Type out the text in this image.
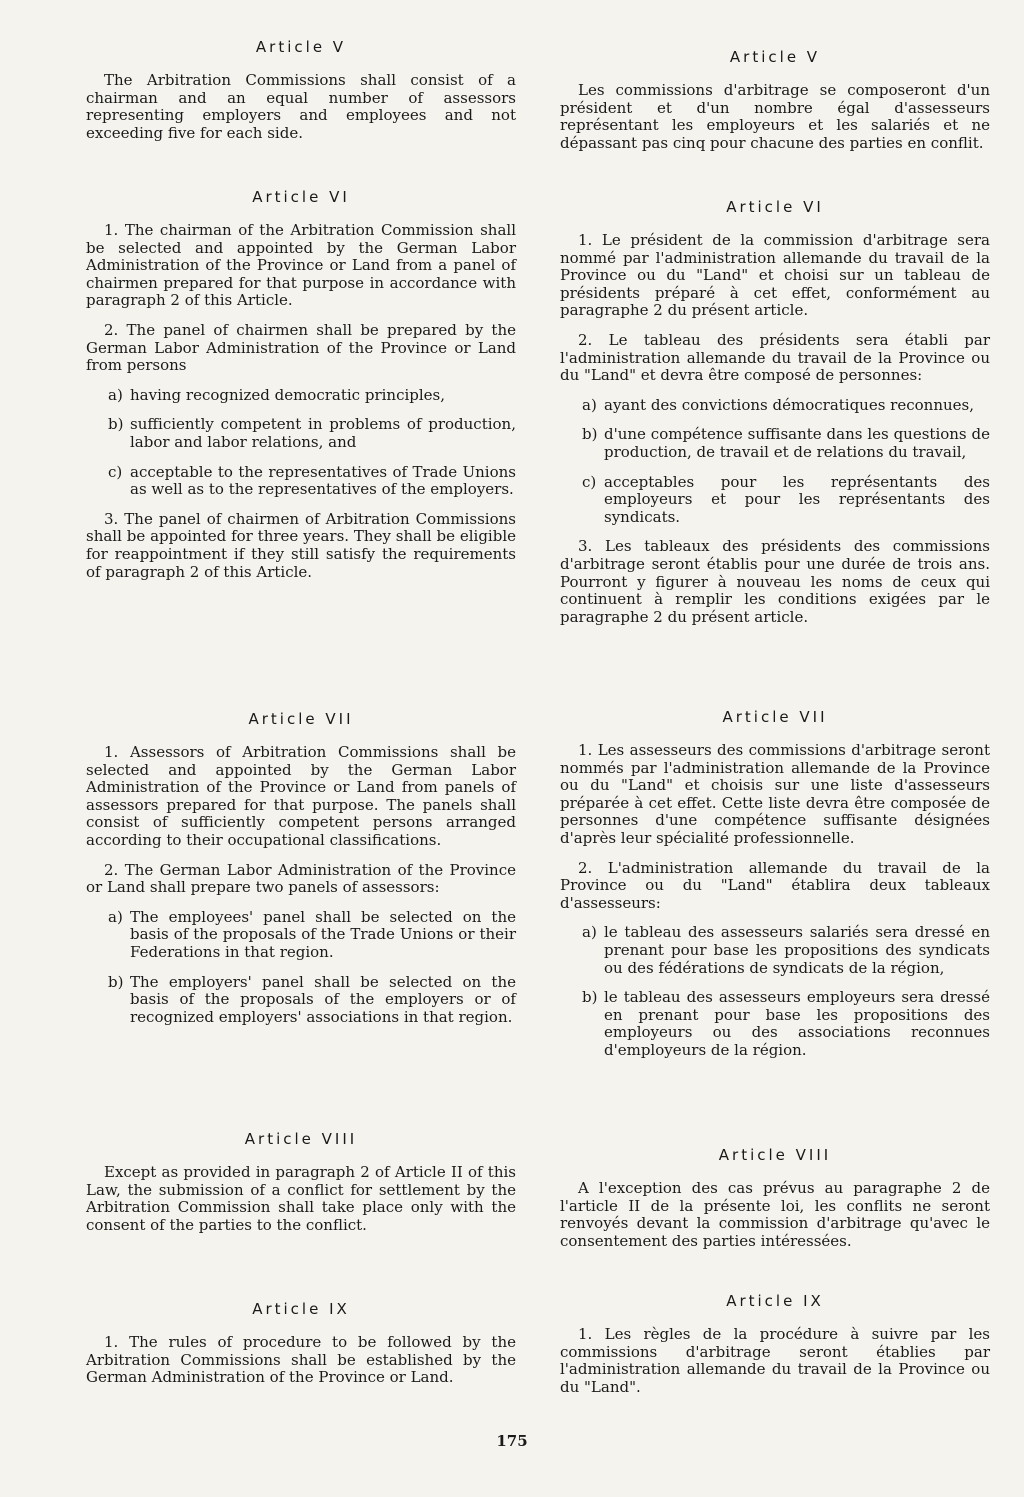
Article V

The Arbitration Commissions shall consist of a chairman and an equal number of assessors representing employers and employees and not exceeding five for each side.

Article VI

1. The chairman of the Arbitration Commission shall be selected and appointed by the German Labor Administration of the Province or Land from a panel of chairmen prepared for that purpose in accordance with paragraph 2 of this Article.

2. The panel of chairmen shall be prepared by the German Labor Administration of the Province or Land from persons

a) having recognized democratic principles,
b) sufficiently competent in problems of production, labor and labor relations, and
c) acceptable to the representatives of Trade Unions as well as to the representatives of the employers.

3. The panel of chairmen of Arbitration Commissions shall be appointed for three years. They shall be eligible for reappointment if they still satisfy the requirements of paragraph 2 of this Article.

Article VII

1. Assessors of Arbitration Commissions shall be selected and appointed by the German Labor Administration of the Province or Land from panels of assessors prepared for that purpose. The panels shall consist of sufficiently competent persons arranged according to their occupational classifications.

2. The German Labor Administration of the Province or Land shall prepare two panels of assessors:

a) The employees' panel shall be selected on the basis of the proposals of the Trade Unions or their Federations in that region.
b) The employers' panel shall be selected on the basis of the proposals of the employers or of recognized employers' associations in that region.
Article VIII

Except as provided in paragraph 2 of Article II of this Law, the submission of a conflict for settlement by the Arbitration Commission shall take place only with the consent of the parties to the conflict.

Article IX

1. The rules of procedure to be followed by the Arbitration Commissions shall be established by the German Administration of the Province or Land.

Article V

Les commissions d'arbitrage se composeront d'un président et d'un nombre égal d'assesseurs représentant les employeurs et les salariés et ne dépassant pas cinq pour chacune des parties en conflit.

Article VI

1. Le président de la commission d'arbitrage sera nommé par l'administration allemande du travail de la Province ou du "Land" et choisi sur un tableau de présidents préparé à cet effet, conformément au paragraphe 2 du présent article.

2. Le tableau des présidents sera établi par l'administration allemande du travail de la Province ou du "Land" et devra être composé de personnes:

a) ayant des convictions démocratiques reconnues,
b) d'une compétence suffisante dans les questions de production, de travail et de relations du travail,
c) acceptables pour les représentants des employeurs et pour les représentants des syndicats.

3. Les tableaux des présidents des commissions d'arbitrage seront établis pour une durée de trois ans. Pourront y figurer à nouveau les noms de ceux qui continuent à remplir les conditions exigées par le paragraphe 2 du présent article.

Article VII

1. Les assesseurs des commissions d'arbitrage seront nommés par l'administration allemande de la Province ou du "Land" et choisis sur une liste d'assesseurs préparée à cet effet. Cette liste devra être composée de personnes d'une compétence suffisante désignées d'après leur spécialité professionnelle.

2. L'administration allemande du travail de la Province ou du "Land" établira deux tableaux d'assesseurs:

a) le tableau des assesseurs salariés sera dressé en prenant pour base les propositions des syndicats ou des fédérations de syndicats de la région,
b) le tableau des assesseurs employeurs sera dressé en prenant pour base les propositions des employeurs ou des associations reconnues d'employeurs de la région.
Article VIII

A l'exception des cas prévus au paragraphe 2 de l'article II de la présente loi, les conflits ne seront renvoyés devant la commission d'arbitrage qu'avec le consentement des parties intéressées.

Article IX

1. Les règles de la procédure à suivre par les commissions d'arbitrage seront établies par l'administration allemande du travail de la Province ou du "Land".

175
